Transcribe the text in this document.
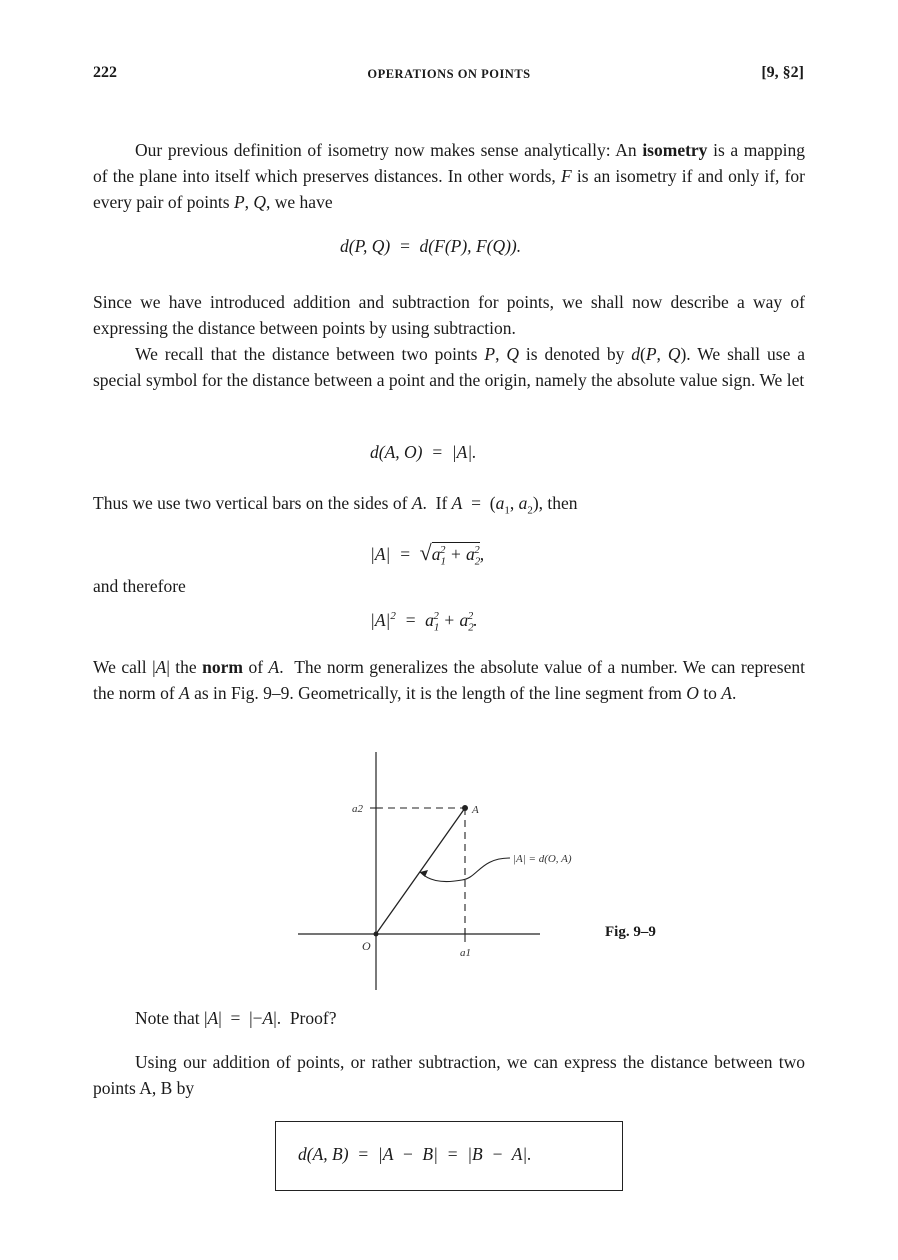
222	OPERATIONS ON POINTS	[9, §2]

Our previous definition of isometry now makes sense analytically: An isometry is a mapping of the plane into itself which preserves distances. In other words, F is an isometry if and only if, for every pair of points P, Q, we have

d(P, Q)  =  d(F(P), F(Q)).

Since we have introduced addition and subtraction for points, we shall now describe a way of expressing the distance between points by using subtraction.

We recall that the distance between two points P, Q is denoted by d(P, Q). We shall use a special symbol for the distance between a point and the origin, namely the absolute value sign. We let

d(A, O)  =  |A|.

Thus we use two vertical bars on the sides of A.  If $A = (a_1$, $a_2$), then

$|A| = √a_1^2 + a_2^2$,

and therefore

$|A|^2 = a_1^2 + a_2^2$.

We call |A| the norm of A.  The norm generalizes the absolute value of a number. We can represent the norm of A as in Fig. 9–9. Geometrically, it is the length of the line segment from O to A.

a2	A
|A| = d(O, A)
O	a1
Fig. 9–9

Note that |A|  =  |−A|.  Proof?

Using our addition of points, or rather subtraction, we can express the distance between two points A, B by

d(A, B)  =  |A  −  B|  =  |B  −  A|.
